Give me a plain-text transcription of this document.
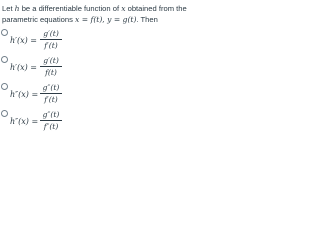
Let h be a differentiable function of x obtained from the parametric equations x = f(t), y = g(t). Then
h′(x) =
g′(t)
f′(t)
h′(x) =
g′(t)
f(t)
h″(x) =
g″(t)
f′(t)
h″(x) =
g″(t)
f″(t)
